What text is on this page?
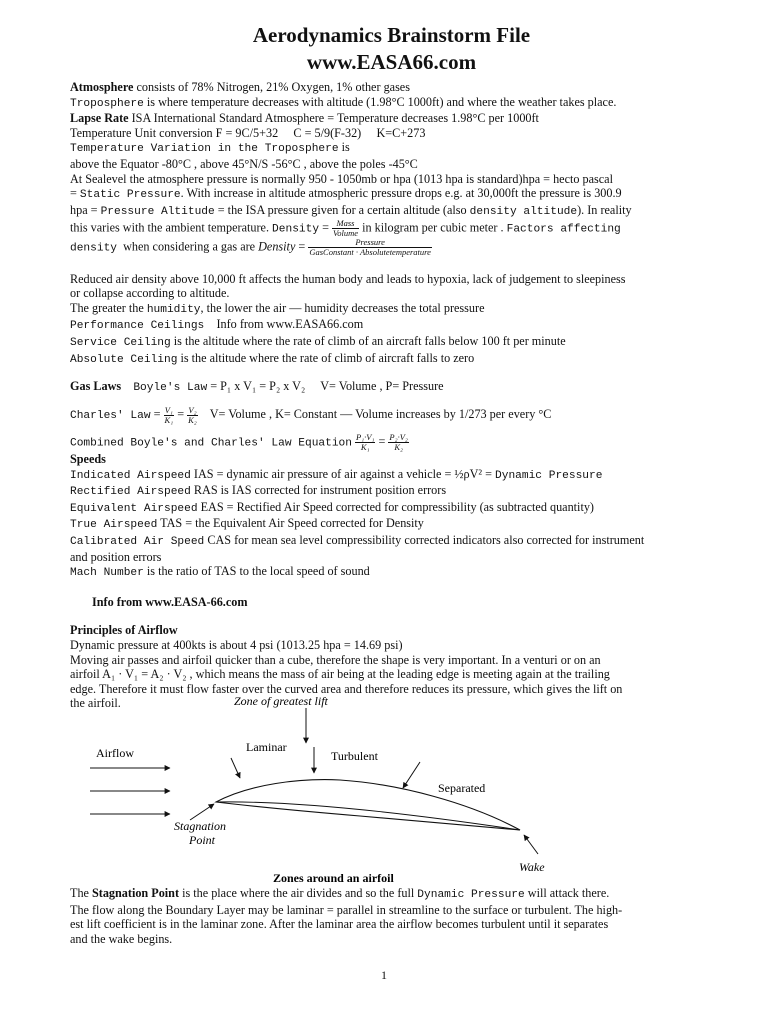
Aerodynamics Brainstorm File
www.EASA66.com

Atmosphere consists of 78% Nitrogen, 21% Oxygen, 1% other gases

Troposphere is where temperature decreases with altitude (1.98°C 1000ft) and where the weather takes place.

Lapse Rate ISA International Standard Atmosphere = Temperature decreases 1.98°C per 1000ft

Temperature Unit conversion F = 9C/5+32     C = 5/9(F-32)     K=C+273

Temperature Variation in the Troposphere is

above the Equator -80°C , above 45°N/S -56°C , above the poles -45°C

At Sealevel the atmosphere pressure is normally 950 - 1050mb or hpa (1013 hpa is standard)hpa = hecto pascal

= Static Pressure. With increase in altitude atmospheric pressure drops e.g. at 30,000ft the pressure is 300.9

hpa = Pressure Altitude = the ISA pressure given for a certain altitude (also density altitude). In reality

this varies with the ambient temperature. Density = $\frac{\text{Mass}}{\text{Volume}}$ in kilogram per cubic meter . Factors affecting

density  when considering a gas are Density = $\frac{\text{Pressure}}{\text{GasConstant · Absolutetemperature}}$

Reduced air density above 10,000 ft affects the human body and leads to hypoxia, lack of judgement to sleepiness

or collapse according to altitude.

The greater the humidity, the lower the air — humidity decreases the total pressure

Performance Ceilings    Info from www.EASA66.com

Service Ceiling is the altitude where the rate of climb of an aircraft falls below 100 ft per minute

Absolute Ceiling is the altitude where the rate of climb of aircraft falls to zero

Gas Laws Boyle's Law = P₁ x V₁ = P₂ x V₂     V= Volume , P= Pressure

Charles' Law = $\frac{\text{V₁}}{\text{K₁}} = \frac{\text{V₂}}{\text{K₂}} V=$ Volume , K= Constant — Volume increases by 1/273 per every °C

Combined Boyle's and Charles' Law Equation $\frac{\text{P₁·V₁}}{\text{K₁}} = \frac{\text{P₂·V₂}}{\text{K₂}}$

Speeds

Indicated Airspeed IAS = dynamic air pressure of air against a vehicle = ½ρV² = Dynamic Pressure

Rectified Airspeed RAS is IAS corrected for instrument position errors

Equivalent Airspeed EAS = Rectified Air Speed corrected for compressibility (as subtracted quantity)

True Airspeed TAS = the Equivalent Air Speed corrected for Density

Calibrated Air Speed CAS for mean sea level compressibility corrected indicators also corrected for instrument

and position errors

Mach Number is the ratio of TAS to the local speed of sound

Info from www.EASA-66.com

Principles of Airflow

Dynamic pressure at 400kts is about 4 psi (1013.25 hpa = 14.69 psi)

Moving air passes and airfoil quicker than a cube, therefore the shape is very important. In a venturi or on an

airfoil A₁ · V₁ = A₂ · V₂ , which means the mass of air being at the leading edge is meeting again at the trailing

edge. Therefore it must flow faster over the curved area and therefore reduces its pressure, which gives the lift on

the airfoil.	Zone of greatest lift
Airflow	Laminar
Turbulent
Separated
Stagnation
Point
Wake
Zones around an airfoil

The Stagnation Point is the place where the air divides and so the full Dynamic Pressure will attack there.

The flow along the Boundary Layer may be laminar = parallel in streamline to the surface or turbulent. The high-

est lift coefficient is in the laminar zone. After the laminar area the airflow becomes turbulent until it separates

and the wake begins.

1
